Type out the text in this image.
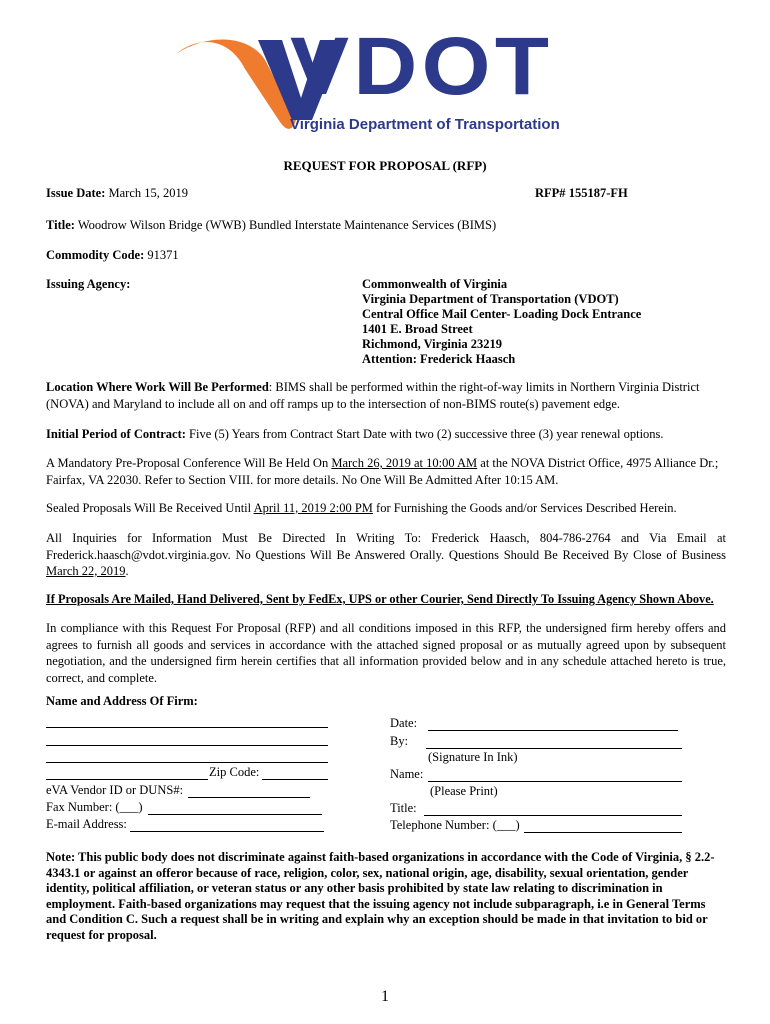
VDOT
Virginia Department of Transportation
REQUEST FOR PROPOSAL (RFP)
Issue Date: March 15, 2019	RFP# 155187-FH
Title: Woodrow Wilson Bridge (WWB) Bundled Interstate Maintenance Services (BIMS)
Commodity Code: 91371
Issuing Agency:	Commonwealth of Virginia
Virginia Department of Transportation (VDOT)
Central Office Mail Center- Loading Dock Entrance
1401 E. Broad Street
Richmond, Virginia 23219
Attention: Frederick Haasch

Location Where Work Will Be Performed: BIMS shall be performed within the right-of-way limits in Northern Virginia District (NOVA) and Maryland to include all on and off ramps up to the intersection of non-BIMS route(s) pavement edge.

Initial Period of Contract: Five (5) Years from Contract Start Date with two (2) successive three (3) year renewal options.

A Mandatory Pre-Proposal Conference Will Be Held On March 26, 2019 at 10:00 AM at the NOVA District Office, 4975 Alliance Dr.; Fairfax, VA 22030. Refer to Section VIII. for more details. No One Will Be Admitted After 10:15 AM.

Sealed Proposals Will Be Received Until April 11, 2019 2:00 PM for Furnishing the Goods and/or Services Described Herein.

All Inquiries for Information Must Be Directed In Writing To: Frederick Haasch, 804-786-2764 and Via Email at Frederick.haasch@vdot.virginia.gov. No Questions Will Be Answered Orally. Questions Should Be Received By Close of Business March 22, 2019.

If Proposals Are Mailed, Hand Delivered, Sent by FedEx, UPS or other Courier, Send Directly To Issuing Agency Shown Above.

In compliance with this Request For Proposal (RFP) and all conditions imposed in this RFP, the undersigned firm hereby offers and agrees to furnish all goods and services in accordance with the attached signed proposal or as mutually agreed upon by subsequent negotiation, and the undersigned firm herein certifies that all information provided below and in any schedule attached hereto is true, correct, and complete.

Name and Address Of Firm:
Zip Code:
eVA Vendor ID or DUNS#:
Fax Number: (___)
E-mail Address:
Date:
By:
(Signature In Ink)
Name:
(Please Print)
Title:
Telephone Number: (___)

Note: This public body does not discriminate against faith-based organizations in accordance with the Code of Virginia, § 2.2-4343.1 or against an offeror because of race, religion, color, sex, national origin, age, disability, sexual orientation, gender identity, political affiliation, or veteran status or any other basis prohibited by state law relating to discrimination in employment. Faith-based organizations may request that the issuing agency not include subparagraph, i.e in General Terms and Condition C. Such a request shall be in writing and explain why an exception should be made in that invitation to bid or request for proposal.

1
